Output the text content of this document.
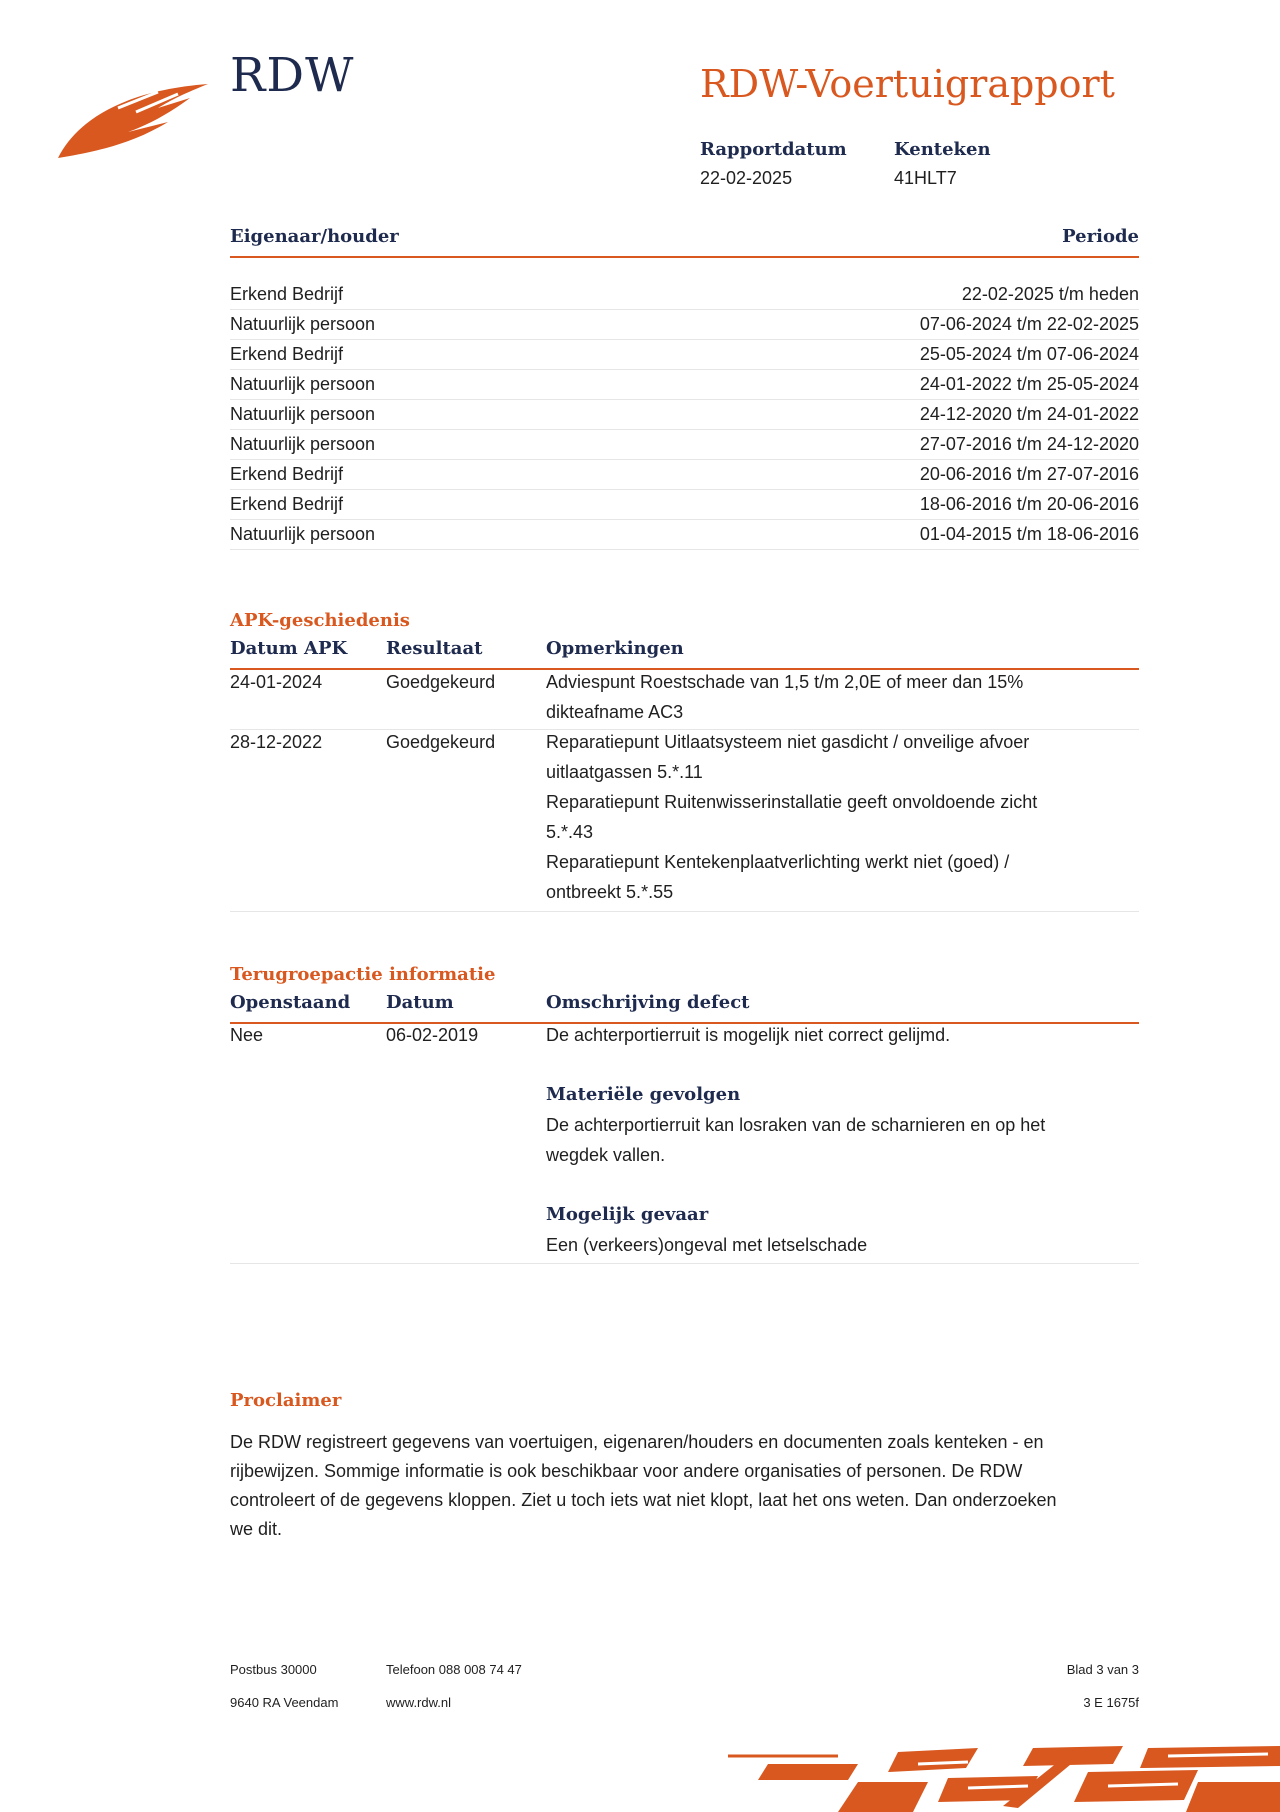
RDW	RDW-Voertuigrapport
Rapportdatum
22-02-2025
Kenteken
41HLT7
Eigenaar/houder	Periode
Erkend Bedrijf	22-02-2025 t/m heden
Natuurlijk persoon	07-06-2024 t/m 22-02-2025
Erkend Bedrijf	25-05-2024 t/m 07-06-2024
Natuurlijk persoon	24-01-2022 t/m 25-05-2024
Natuurlijk persoon	24-12-2020 t/m 24-01-2022
Natuurlijk persoon	27-07-2016 t/m 24-12-2020
Erkend Bedrijf	20-06-2016 t/m 27-07-2016
Erkend Bedrijf	18-06-2016 t/m 20-06-2016
Natuurlijk persoon	01-04-2015 t/m 18-06-2016
APK-geschiedenis
Datum APK Resultaat	Opmerkingen
24-01-2024	Goedgekeurd	Adviespunt Roestschade van 1,5 t/m 2,0E of meer dan 15%
dikteafname AC3
28-12-2022	Goedgekeurd	Reparatiepunt Uitlaatsysteem niet gasdicht / onveilige afvoer
uitlaatgassen 5.*.11
Reparatiepunt Ruitenwisserinstallatie geeft onvoldoende zicht
5.*.43
Reparatiepunt Kentekenplaatverlichting werkt niet (goed) /
ontbreekt 5.*.55
Terugroepactie informatie
Openstaand Datum	Omschrijving defect
Nee	06-02-2019	De achterportierruit is mogelijk niet correct gelijmd.
Materiële gevolgen
De achterportierruit kan losraken van de scharnieren en op het
wegdek vallen.
Mogelijk gevaar
Een (verkeers)ongeval met letselschade
Proclaimer
De RDW registreert gegevens van voertuigen, eigenaren/houders en documenten zoals kenteken - en
rijbewijzen. Sommige informatie is ook beschikbaar voor andere organisaties of personen. De RDW
controleert of de gegevens kloppen. Ziet u toch iets wat niet klopt, laat het ons weten. Dan onderzoeken
we dit.
Postbus 30000
9640 RA Veendam
Telefoon 088 008 74 47
www.rdw.nl
Blad 3 van 3
3 E 1675f
